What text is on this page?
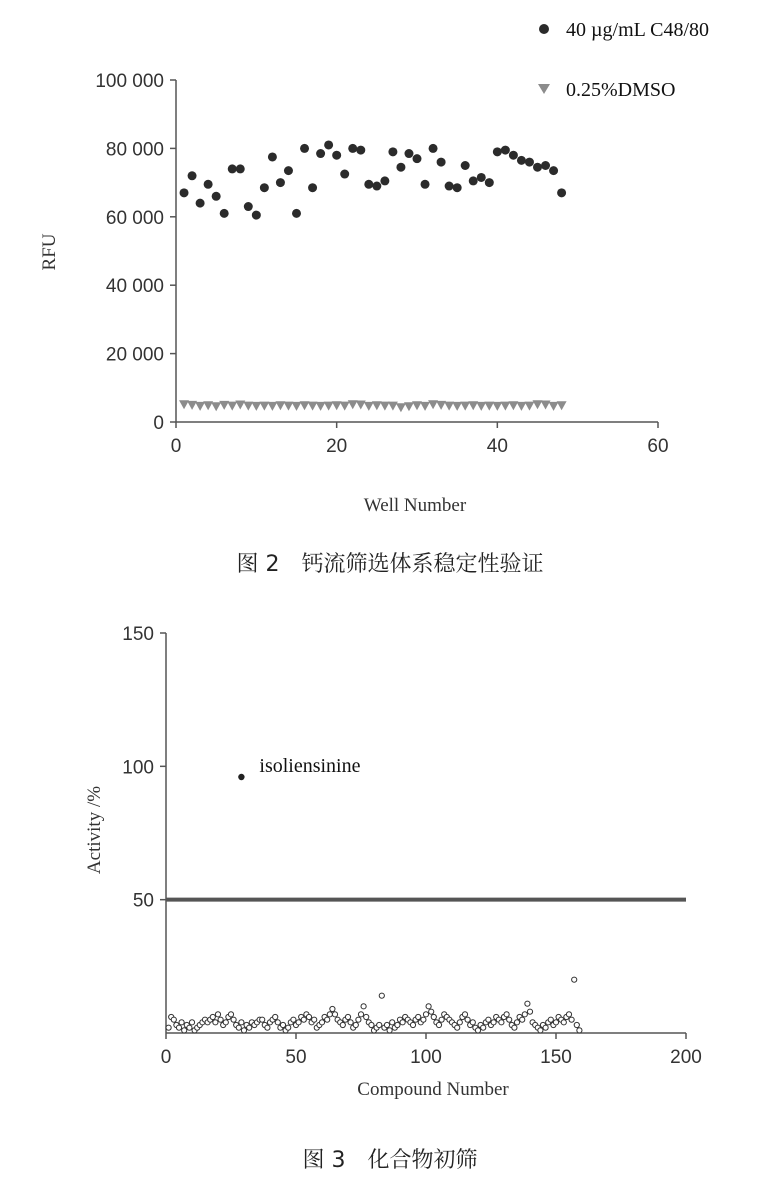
0	20	40	60
0
20 000
40 000
60 000
80 000
100 000
Well Number
RFU
40 µg/mL C48/80
0.25%DMSO
图 2　钙流筛选体系稳定性验证
0	50	100	150	200
50
100
150
isoliensinine
Compound Number
Activity /%
图 3　化合物初筛
